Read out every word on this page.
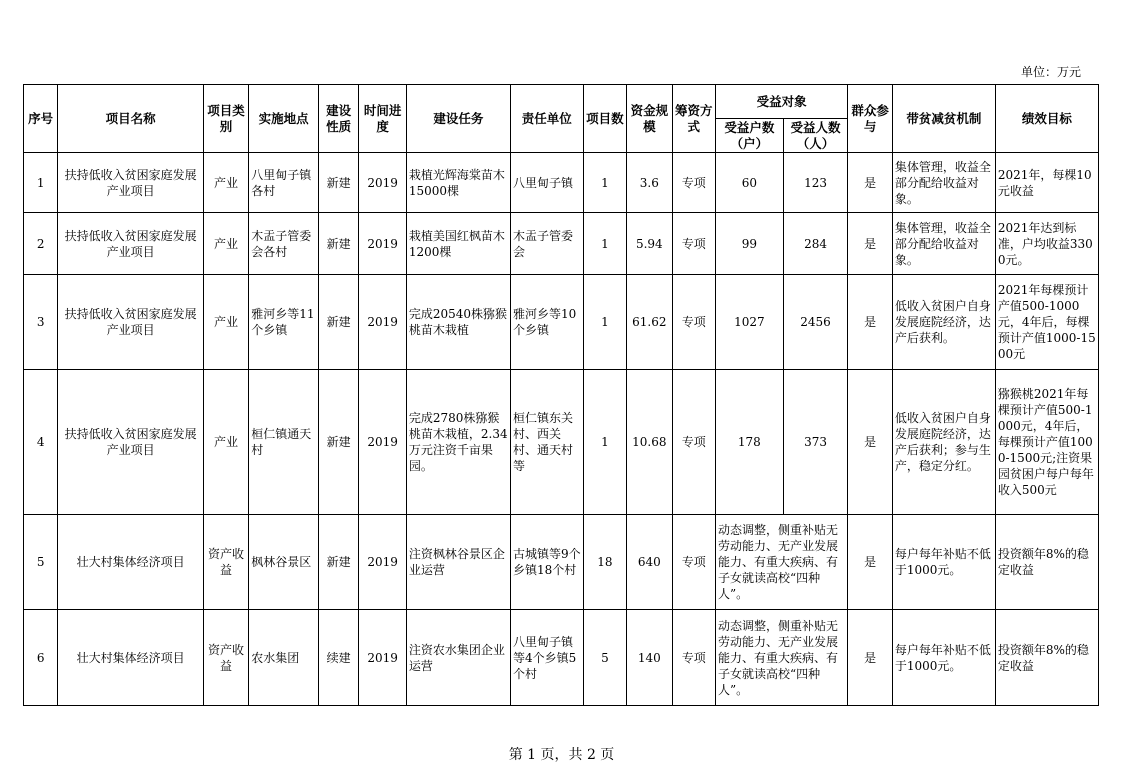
单位：万元
序号	项目名称	项目类别	实施地点	建设性质	时间进度	建设任务	责任单位	项目数	资金规模	筹资方式	受益对象		群众参与	带贫减贫机制	绩效目标
											受益户数（户）	受益人数（人）			
1	扶持低收入贫困家庭发展产业项目	产业	八里甸子镇各村	新建	2019	栽植光辉海棠苗木15000棵	八里甸子镇	1	3.6	专项	60	123	是	集体管理，收益全部分配给收益对象。	2021年，每棵10元收益
2	扶持低收入贫困家庭发展产业项目	产业	木盂子管委会各村	新建	2019	栽植美国红枫苗木1200棵	木盂子管委会	1	5.94	专项	99	284	是	集体管理，收益全部分配给收益对象。	2021年达到标准，户均收益3300元。
3	扶持低收入贫困家庭发展产业项目	产业	雅河乡等11个乡镇	新建	2019	完成20540株猕猴桃苗木栽植	雅河乡等10个乡镇	1	61.62	专项	1027	2456	是	低收入贫困户自身发展庭院经济，达产后获利。	2021年每棵预计产值500-1000元，4年后，每棵预计产值1000-1500元
4	扶持低收入贫困家庭发展产业项目	产业	桓仁镇通天村	新建	2019	完成2780株猕猴桃苗木栽植，2.34万元注资千亩果园。	桓仁镇东关村、西关村、通天村等	1	10.68	专项	178	373	是	低收入贫困户自身发展庭院经济，达产后获利；参与生产，稳定分红。	猕猴桃2021年每棵预计产值500-1000元，4年后，每棵预计产值1000-1500元;注资果园贫困户每户每年收入500元
5	壮大村集体经济项目	资产收益	枫林谷景区	新建	2019	注资枫林谷景区企业运营	古城镇等9个乡镇18个村	18	640	专项	动态调整，侧重补贴无劳动能力、无产业发展能力、有重大疾病、有子女就读高校“四种人”。		是	每户每年补贴不低于1000元。	投资额年8%的稳定收益
6	壮大村集体经济项目	资产收益	农水集团	续建	2019	注资农水集团企业运营	八里甸子镇等4个乡镇5个村	5	140	专项	动态调整，侧重补贴无劳动能力、无产业发展能力、有重大疾病、有子女就读高校“四种人”。		是	每户每年补贴不低于1000元。	投资额年8%的稳定收益
第 1 页，共 2 页
